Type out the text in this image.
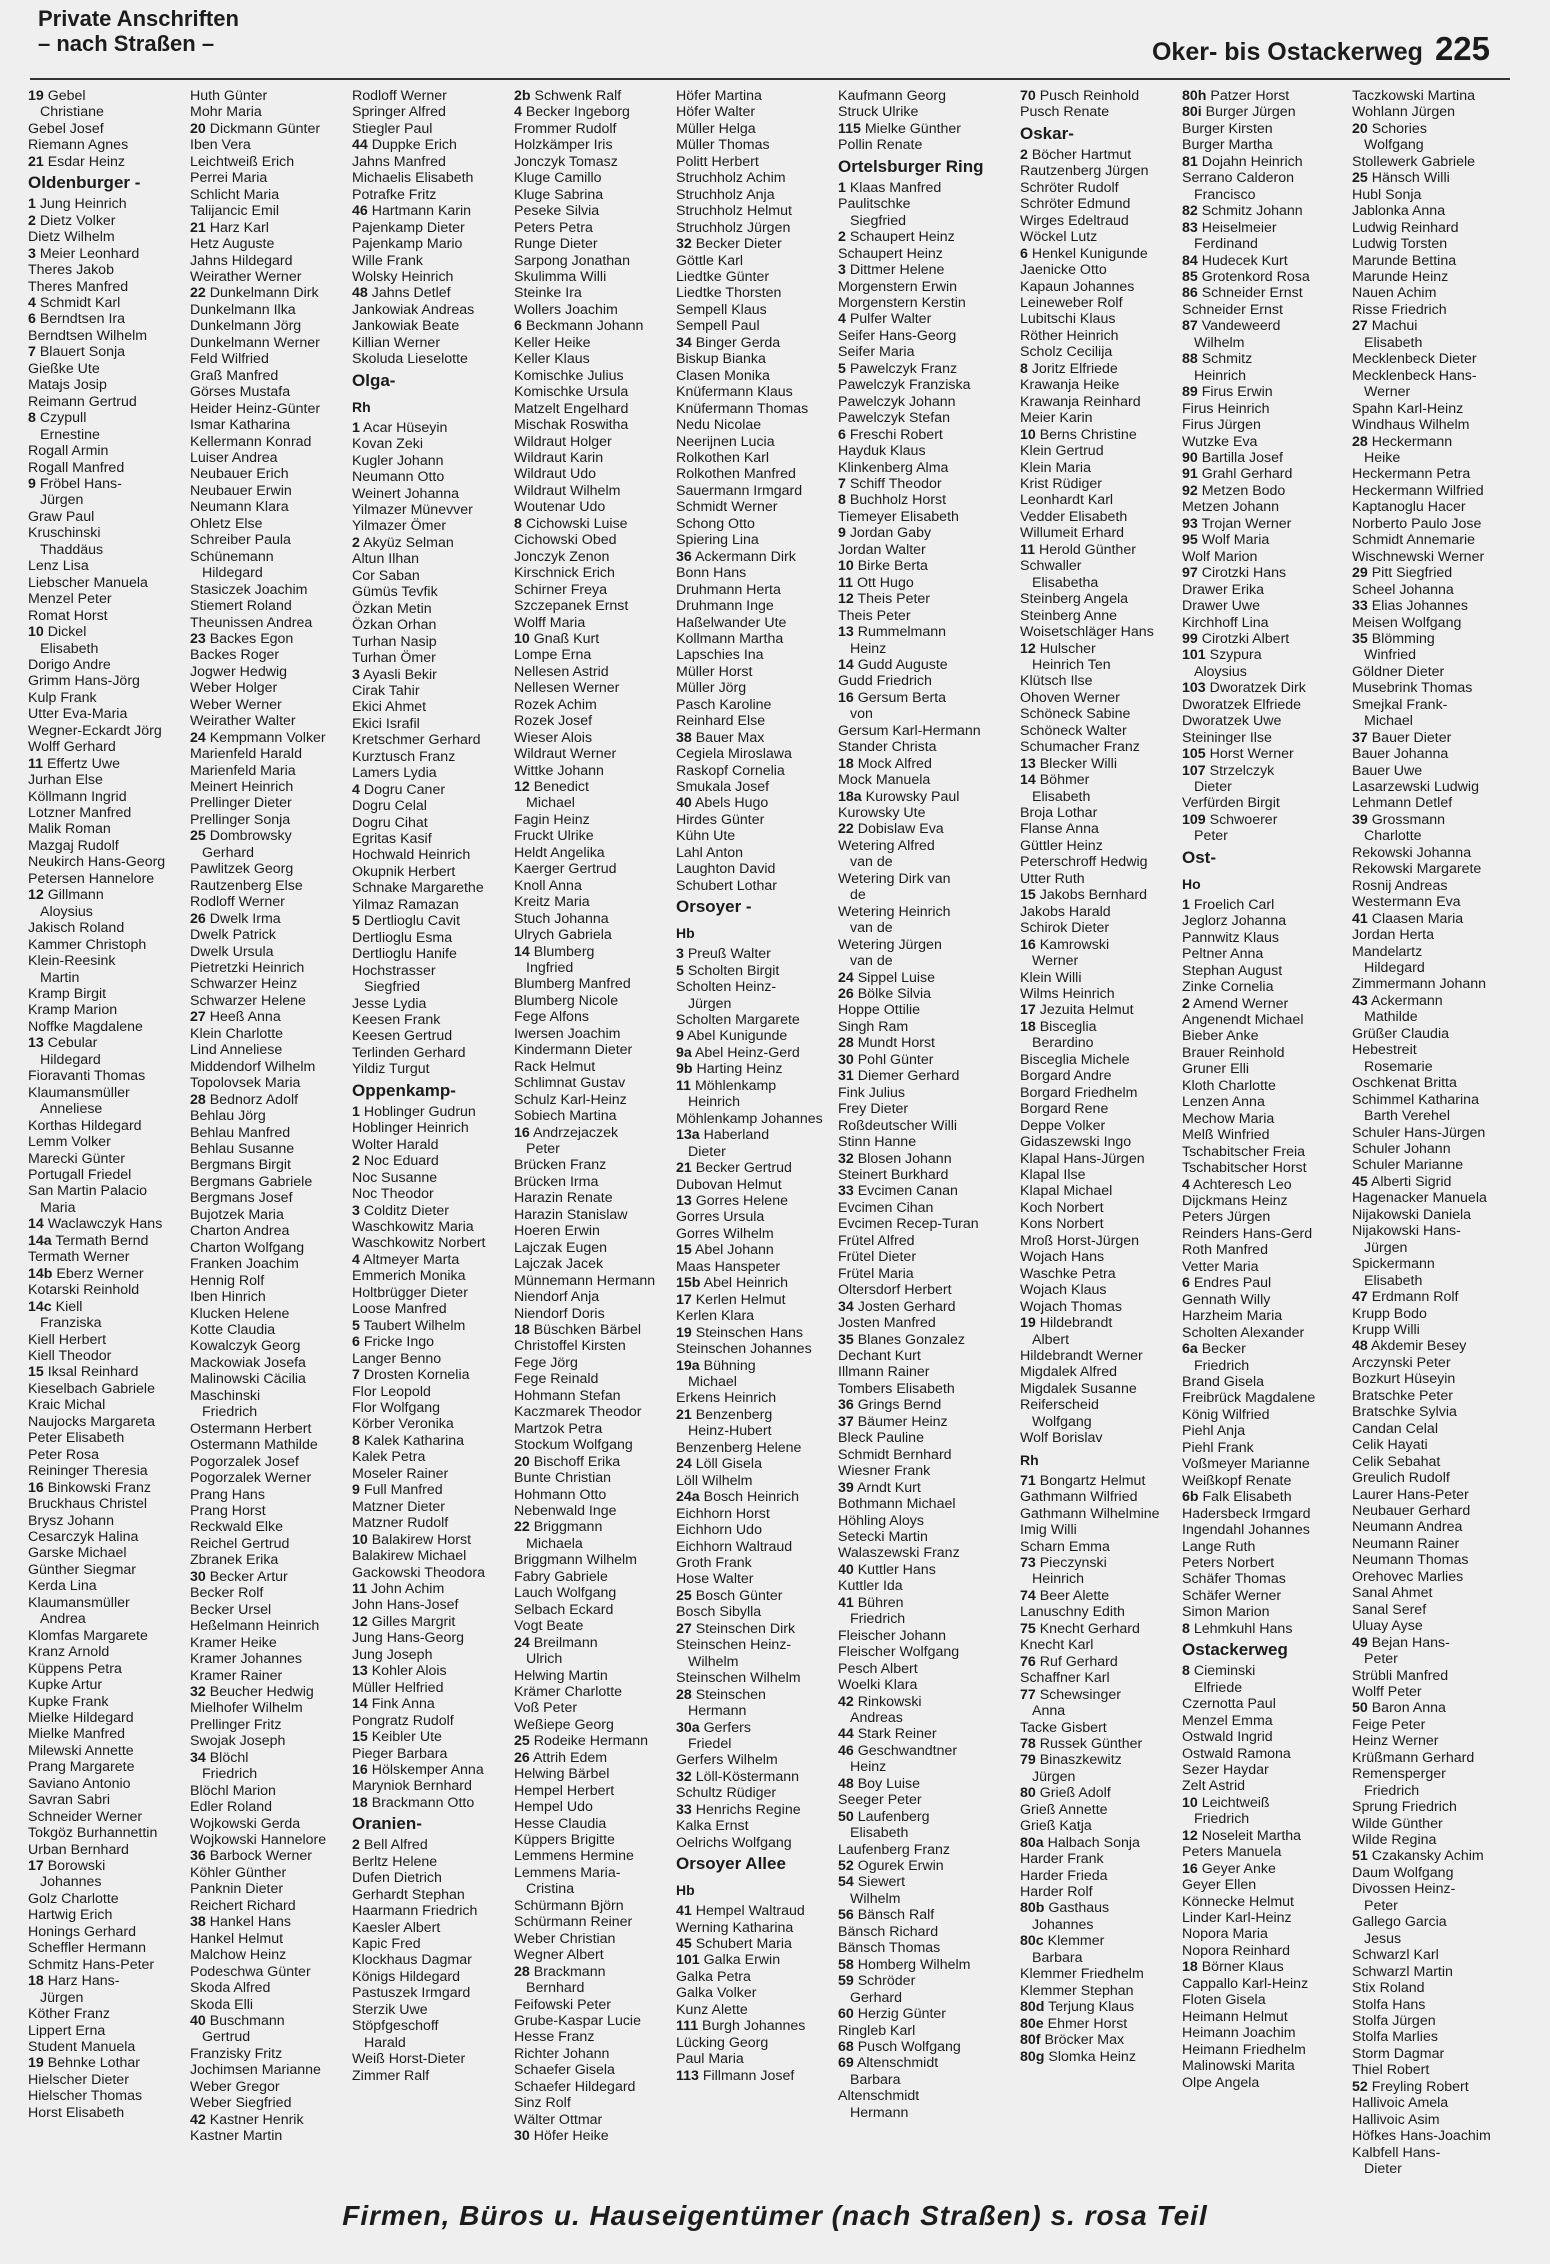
Private Anschriften
– nach Straßen –	Oker- bis Ostackerweg 225
19 Gebel
Christiane
Gebel Josef
Riemann Agnes
21 Esdar Heinz
Oldenburger -
1 Jung Heinrich
2 Dietz Volker
Dietz Wilhelm
3 Meier Leonhard
Theres Jakob
Theres Manfred
4 Schmidt Karl
6 Berndtsen Ira
Berndtsen Wilhelm
7 Blauert Sonja
Gießke Ute
Matajs Josip
Reimann Gertrud
8 Czypull
Ernestine
Rogall Armin
Rogall Manfred
9 Fröbel Hans-
Jürgen
Graw Paul
Kruschinski
Thaddäus
Lenz Lisa
Liebscher Manuela
Menzel Peter
Romat Horst
10 Dickel
Elisabeth
Dorigo Andre
Grimm Hans-Jörg
Kulp Frank
Utter Eva-Maria
Wegner-Eckardt Jörg
Wolff Gerhard
11 Effertz Uwe
Jurhan Else
Köllmann Ingrid
Lotzner Manfred
Malik Roman
Mazgaj Rudolf
Neukirch Hans-Georg
Petersen Hannelore
12 Gillmann
Aloysius
Jakisch Roland
Kammer Christoph
Klein-Reesink
Martin
Kramp Birgit
Kramp Marion
Noffke Magdalene
13 Cebular
Hildegard
Fioravanti Thomas
Klaumansmüller
Anneliese
Korthas Hildegard
Lemm Volker
Marecki Günter
Portugall Friedel
San Martin Palacio
Maria
14 Waclawczyk Hans
14a Termath Bernd
Termath Werner
14b Eberz Werner
Kotarski Reinhold
14c Kiell
Franziska
Kiell Herbert
Kiell Theodor
15 Iksal Reinhard
Kieselbach Gabriele
Kraic Michal
Naujocks Margareta
Peter Elisabeth
Peter Rosa
Reininger Theresia
16 Binkowski Franz
Bruckhaus Christel
Brysz Johann
Cesarczyk Halina
Garske Michael
Günther Siegmar
Kerda Lina
Klaumansmüller
Andrea
Klomfas Margarete
Kranz Arnold
Küppens Petra
Kupke Artur
Kupke Frank
Mielke Hildegard
Mielke Manfred
Milewski Annette
Prang Margarete
Saviano Antonio
Savran Sabri
Schneider Werner
Tokgöz Burhannettin
Urban Bernhard
17 Borowski
Johannes
Golz Charlotte
Hartwig Erich
Honings Gerhard
Scheffler Hermann
Schmitz Hans-Peter
18 Harz Hans-
Jürgen
Köther Franz
Lippert Erna
Student Manuela
19 Behnke Lothar
Hielscher Dieter
Hielscher Thomas
Horst Elisabeth
Huth Günter
Mohr Maria
20 Dickmann Günter
Iben Vera
Leichtweiß Erich
Perrei Maria
Schlicht Maria
Talijancic Emil
21 Harz Karl
Hetz Auguste
Jahns Hildegard
Weirather Werner
22 Dunkelmann Dirk
Dunkelmann Ilka
Dunkelmann Jörg
Dunkelmann Werner
Feld Wilfried
Graß Manfred
Görses Mustafa
Heider Heinz-Günter
Ismar Katharina
Kellermann Konrad
Luiser Andrea
Neubauer Erich
Neubauer Erwin
Neumann Klara
Ohletz Else
Schreiber Paula
Schünemann
Hildegard
Stasiczek Joachim
Stiemert Roland
Theunissen Andrea
23 Backes Egon
Backes Roger
Jogwer Hedwig
Weber Holger
Weber Werner
Weirather Walter
24 Kempmann Volker
Marienfeld Harald
Marienfeld Maria
Meinert Heinrich
Prellinger Dieter
Prellinger Sonja
25 Dombrowsky
Gerhard
Pawlitzek Georg
Rautzenberg Else
Rodloff Werner
26 Dwelk Irma
Dwelk Patrick
Dwelk Ursula
Pietretzki Heinrich
Schwarzer Heinz
Schwarzer Helene
27 Heeß Anna
Klein Charlotte
Lind Anneliese
Middendorf Wilhelm
Topolovsek Maria
28 Bednorz Adolf
Behlau Jörg
Behlau Manfred
Behlau Susanne
Bergmans Birgit
Bergmans Gabriele
Bergmans Josef
Bujotzek Maria
Charton Andrea
Charton Wolfgang
Franken Joachim
Hennig Rolf
Iben Hinrich
Klucken Helene
Kotte Claudia
Kowalczyk Georg
Mackowiak Josefa
Malinowski Cäcilia
Maschinski
Friedrich
Ostermann Herbert
Ostermann Mathilde
Pogorzalek Josef
Pogorzalek Werner
Prang Hans
Prang Horst
Reckwald Elke
Reichel Gertrud
Zbranek Erika
30 Becker Artur
Becker Rolf
Becker Ursel
Heßelmann Heinrich
Kramer Heike
Kramer Johannes
Kramer Rainer
32 Beucher Hedwig
Mielhofer Wilhelm
Prellinger Fritz
Swojak Joseph
34 Blöchl
Friedrich
Blöchl Marion
Edler Roland
Wojkowski Gerda
Wojkowski Hannelore
36 Barbock Werner
Köhler Günther
Panknin Dieter
Reichert Richard
38 Hankel Hans
Hankel Helmut
Malchow Heinz
Podeschwa Günter
Skoda Alfred
Skoda Elli
40 Buschmann
Gertrud
Franzisky Fritz
Jochimsen Marianne
Weber Gregor
Weber Siegfried
42 Kastner Henrik
Kastner Martin
Rodloff Werner
Springer Alfred
Stiegler Paul
44 Duppke Erich
Jahns Manfred
Michaelis Elisabeth
Potrafke Fritz
46 Hartmann Karin
Pajenkamp Dieter
Pajenkamp Mario
Wille Frank
Wolsky Heinrich
48 Jahns Detlef
Jankowiak Andreas
Jankowiak Beate
Killian Werner
Skoluda Lieselotte
Olga-
Rh
1 Acar Hüseyin
Kovan Zeki
Kugler Johann
Neumann Otto
Weinert Johanna
Yilmazer Münevver
Yilmazer Ömer
2 Akyüz Selman
Altun Ilhan
Cor Saban
Gümüs Tevfik
Özkan Metin
Özkan Orhan
Turhan Nasip
Turhan Ömer
3 Ayasli Bekir
Cirak Tahir
Ekici Ahmet
Ekici Israfil
Kretschmer Gerhard
Kurztusch Franz
Lamers Lydia
4 Dogru Caner
Dogru Celal
Dogru Cihat
Egritas Kasif
Hochwald Heinrich
Okupnik Herbert
Schnake Margarethe
Yilmaz Ramazan
5 Dertlioglu Cavit
Dertlioglu Esma
Dertlioglu Hanife
Hochstrasser
Siegfried
Jesse Lydia
Keesen Frank
Keesen Gertrud
Terlinden Gerhard
Yildiz Turgut
Oppenkamp-
1 Hoblinger Gudrun
Hoblinger Heinrich
Wolter Harald
2 Noc Eduard
Noc Susanne
Noc Theodor
3 Colditz Dieter
Waschkowitz Maria
Waschkowitz Norbert
4 Altmeyer Marta
Emmerich Monika
Holtbrügger Dieter
Loose Manfred
5 Taubert Wilhelm
6 Fricke Ingo
Langer Benno
7 Drosten Kornelia
Flor Leopold
Flor Wolfgang
Körber Veronika
8 Kalek Katharina
Kalek Petra
Moseler Rainer
9 Full Manfred
Matzner Dieter
Matzner Rudolf
10 Balakirew Horst
Balakirew Michael
Gackowski Theodora
11 John Achim
John Hans-Josef
12 Gilles Margrit
Jung Hans-Georg
Jung Joseph
13 Kohler Alois
Müller Helfried
14 Fink Anna
Pongratz Rudolf
15 Keibler Ute
Pieger Barbara
16 Hölskemper Anna
Maryniok Bernhard
18 Brackmann Otto
Oranien-
2 Bell Alfred
Berltz Helene
Dufen Dietrich
Gerhardt Stephan
Haarmann Friedrich
Kaesler Albert
Kapic Fred
Klockhaus Dagmar
Königs Hildegard
Pastuszek Irmgard
Sterzik Uwe
Stöpfgeschoff
Harald
Weiß Horst-Dieter
Zimmer Ralf
2b Schwenk Ralf
4 Becker Ingeborg
Frommer Rudolf
Holzkämper Iris
Jonczyk Tomasz
Kluge Camillo
Kluge Sabrina
Peseke Silvia
Peters Petra
Runge Dieter
Sarpong Jonathan
Skulimma Willi
Steinke Ira
Wollers Joachim
6 Beckmann Johann
Keller Heike
Keller Klaus
Komischke Julius
Komischke Ursula
Matzelt Engelhard
Mischak Roswitha
Wildraut Holger
Wildraut Karin
Wildraut Udo
Wildraut Wilhelm
Woutenar Udo
8 Cichowski Luise
Cichowski Obed
Jonczyk Zenon
Kirschnick Erich
Schirner Freya
Szczepanek Ernst
Wolff Maria
10 Gnaß Kurt
Lompe Erna
Nellesen Astrid
Nellesen Werner
Rozek Achim
Rozek Josef
Wieser Alois
Wildraut Werner
Wittke Johann
12 Benedict
Michael
Fagin Heinz
Fruckt Ulrike
Heldt Angelika
Kaerger Gertrud
Knoll Anna
Kreitz Maria
Stuch Johanna
Ulrych Gabriela
14 Blumberg
Ingfried
Blumberg Manfred
Blumberg Nicole
Fege Alfons
Iwersen Joachim
Kindermann Dieter
Rack Helmut
Schlimnat Gustav
Schulz Karl-Heinz
Sobiech Martina
16 Andrzejaczek
Peter
Brücken Franz
Brücken Irma
Harazin Renate
Harazin Stanislaw
Hoeren Erwin
Lajczak Eugen
Lajczak Jacek
Münnemann Hermann
Niendorf Anja
Niendorf Doris
18 Büschken Bärbel
Christoffel Kirsten
Fege Jörg
Fege Reinald
Hohmann Stefan
Kaczmarek Theodor
Martzok Petra
Stockum Wolfgang
20 Bischoff Erika
Bunte Christian
Hohmann Otto
Nebenwald Inge
22 Briggmann
Michaela
Briggmann Wilhelm
Fabry Gabriele
Lauch Wolfgang
Selbach Eckard
Vogt Beate
24 Breilmann
Ulrich
Helwing Martin
Krämer Charlotte
Voß Peter
Weßiepe Georg
25 Rodeike Hermann
26 Attrih Edem
Helwing Bärbel
Hempel Herbert
Hempel Udo
Hesse Claudia
Küppers Brigitte
Lemmens Hermine
Lemmens Maria-
Cristina
Schürmann Björn
Schürmann Reiner
Weber Christian
Wegner Albert
28 Brackmann
Bernhard
Feifowski Peter
Grube-Kaspar Lucie
Hesse Franz
Richter Johann
Schaefer Gisela
Schaefer Hildegard
Sinz Rolf
Wälter Ottmar
30 Höfer Heike
Höfer Martina
Höfer Walter
Müller Helga
Müller Thomas
Politt Herbert
Struchholz Achim
Struchholz Anja
Struchholz Helmut
Struchholz Jürgen
32 Becker Dieter
Göttle Karl
Liedtke Günter
Liedtke Thorsten
Sempell Klaus
Sempell Paul
34 Binger Gerda
Biskup Bianka
Clasen Monika
Knüfermann Klaus
Knüfermann Thomas
Nedu Nicolae
Neerijnen Lucia
Rolkothen Karl
Rolkothen Manfred
Sauermann Irmgard
Schmidt Werner
Schong Otto
Spiering Lina
36 Ackermann Dirk
Bonn Hans
Druhmann Herta
Druhmann Inge
Haßelwander Ute
Kollmann Martha
Lapschies Ina
Müller Horst
Müller Jörg
Pasch Karoline
Reinhard Else
38 Bauer Max
Cegiela Miroslawa
Raskopf Cornelia
Smukala Josef
40 Abels Hugo
Hirdes Günter
Kühn Ute
Lahl Anton
Laughton David
Schubert Lothar
Orsoyer -
Hb
3 Preuß Walter
5 Scholten Birgit
Scholten Heinz-
Jürgen
Scholten Margarete
9 Abel Kunigunde
9a Abel Heinz-Gerd
9b Harting Heinz
11 Möhlenkamp
Heinrich
Möhlenkamp Johannes
13a Haberland
Dieter
21 Becker Gertrud
Dubovan Helmut
13 Gorres Helene
Gorres Ursula
Gorres Wilhelm
15 Abel Johann
Maas Hanspeter
15b Abel Heinrich
17 Kerlen Helmut
Kerlen Klara
19 Steinschen Hans
Steinschen Johannes
19a Bühning
Michael
Erkens Heinrich
21 Benzenberg
Heinz-Hubert
Benzenberg Helene
24 Löll Gisela
Löll Wilhelm
24a Bosch Heinrich
Eichhorn Horst
Eichhorn Udo
Eichhorn Waltraud
Groth Frank
Hose Walter
25 Bosch Günter
Bosch Sibylla
27 Steinschen Dirk
Steinschen Heinz-
Wilhelm
Steinschen Wilhelm
28 Steinschen
Hermann
30a Gerfers
Friedel
Gerfers Wilhelm
32 Löll-Köstermann
Schultz Rüdiger
33 Henrichs Regine
Kalka Ernst
Oelrichs Wolfgang
Orsoyer Allee
Hb
41 Hempel Waltraud
Werning Katharina
45 Schubert Maria
101 Galka Erwin
Galka Petra
Galka Volker
Kunz Alette
111 Burgh Johannes
Lücking Georg
Paul Maria
113 Fillmann Josef
Kaufmann Georg
Struck Ulrike
115 Mielke Günther
Pollin Renate
Ortelsburger Ring
1 Klaas Manfred
Paulitschke
Siegfried
2 Schaupert Heinz
Schaupert Heinz
3 Dittmer Helene
Morgenstern Erwin
Morgenstern Kerstin
4 Pulfer Walter
Seifer Hans-Georg
Seifer Maria
5 Pawelczyk Franz
Pawelczyk Franziska
Pawelczyk Johann
Pawelczyk Stefan
6 Freschi Robert
Hayduk Klaus
Klinkenberg Alma
7 Schiff Theodor
8 Buchholz Horst
Tiemeyer Elisabeth
9 Jordan Gaby
Jordan Walter
10 Birke Berta
11 Ott Hugo
12 Theis Peter
Theis Peter
13 Rummelmann
Heinz
14 Gudd Auguste
Gudd Friedrich
16 Gersum Berta
von
Gersum Karl-Hermann
Stander Christa
18 Mock Alfred
Mock Manuela
18a Kurowsky Paul
Kurowsky Ute
22 Dobislaw Eva
Wetering Alfred
van de
Wetering Dirk van
de
Wetering Heinrich
van de
Wetering Jürgen
van de
24 Sippel Luise
26 Bölke Silvia
Hoppe Ottilie
Singh Ram
28 Mundt Horst
30 Pohl Günter
31 Diemer Gerhard
Fink Julius
Frey Dieter
Roßdeutscher Willi
Stinn Hanne
32 Blosen Johann
Steinert Burkhard
33 Evcimen Canan
Evcimen Cihan
Evcimen Recep-Turan
Frütel Alfred
Frütel Dieter
Frütel Maria
Oltersdorf Herbert
34 Josten Gerhard
Josten Manfred
35 Blanes Gonzalez
Dechant Kurt
Illmann Rainer
Tombers Elisabeth
36 Grings Bernd
37 Bäumer Heinz
Bleck Pauline
Schmidt Bernhard
Wiesner Frank
39 Arndt Kurt
Bothmann Michael
Höhling Aloys
Setecki Martin
Walaszewski Franz
40 Kuttler Hans
Kuttler Ida
41 Bühren
Friedrich
Fleischer Johann
Fleischer Wolfgang
Pesch Albert
Woelki Klara
42 Rinkowski
Andreas
44 Stark Reiner
46 Geschwandtner
Heinz
48 Boy Luise
Seeger Peter
50 Laufenberg
Elisabeth
Laufenberg Franz
52 Ogurek Erwin
54 Siewert
Wilhelm
56 Bänsch Ralf
Bänsch Richard
Bänsch Thomas
58 Homberg Wilhelm
59 Schröder
Gerhard
60 Herzig Günter
Ringleb Karl
68 Pusch Wolfgang
69 Altenschmidt
Barbara
Altenschmidt
Hermann
70 Pusch Reinhold
Pusch Renate
Oskar-
2 Böcher Hartmut
Rautzenberg Jürgen
Schröter Rudolf
Schröter Edmund
Wirges Edeltraud
Wöckel Lutz
6 Henkel Kunigunde
Jaenicke Otto
Kapaun Johannes
Leineweber Rolf
Lubitschi Klaus
Röther Heinrich
Scholz Cecilija
8 Joritz Elfriede
Krawanja Heike
Krawanja Reinhard
Meier Karin
10 Berns Christine
Klein Gertrud
Klein Maria
Krist Rüdiger
Leonhardt Karl
Vedder Elisabeth
Willumeit Erhard
11 Herold Günther
Schwaller
Elisabetha
Steinberg Angela
Steinberg Anne
Woisetschläger Hans
12 Hulscher
Heinrich Ten
Klütsch Ilse
Ohoven Werner
Schöneck Sabine
Schöneck Walter
Schumacher Franz
13 Blecker Willi
14 Böhmer
Elisabeth
Broja Lothar
Flanse Anna
Güttler Heinz
Peterschroff Hedwig
Utter Ruth
15 Jakobs Bernhard
Jakobs Harald
Schirok Dieter
16 Kamrowski
Werner
Klein Willi
Wilms Heinrich
17 Jezuita Helmut
18 Bisceglia
Berardino
Bisceglia Michele
Borgard Andre
Borgard Friedhelm
Borgard Rene
Deppe Volker
Gidaszewski Ingo
Klapal Hans-Jürgen
Klapal Ilse
Klapal Michael
Koch Norbert
Kons Norbert
Mroß Horst-Jürgen
Wojach Hans
Waschke Petra
Wojach Klaus
Wojach Thomas
19 Hildebrandt
Albert
Hildebrandt Werner
Migdalek Alfred
Migdalek Susanne
Reiferscheid
Wolfgang
Wolf Borislav
Rh
71 Bongartz Helmut
Gathmann Wilfried
Gathmann Wilhelmine
Imig Willi
Scharn Emma
73 Pieczynski
Heinrich
74 Beer Alette
Lanuschny Edith
75 Knecht Gerhard
Knecht Karl
76 Ruf Gerhard
Schaffner Karl
77 Schewsinger
Anna
Tacke Gisbert
78 Russek Günther
79 Binaszkewitz
Jürgen
80 Grieß Adolf
Grieß Annette
Grieß Katja
80a Halbach Sonja
Harder Frank
Harder Frieda
Harder Rolf
80b Gasthaus
Johannes
80c Klemmer
Barbara
Klemmer Friedhelm
Klemmer Stephan
80d Terjung Klaus
80e Ehmer Horst
80f Bröcker Max
80g Slomka Heinz
80h Patzer Horst
80i Burger Jürgen
Burger Kirsten
Burger Martha
81 Dojahn Heinrich
Serrano Calderon
Francisco
82 Schmitz Johann
83 Heiselmeier
Ferdinand
84 Hudecek Kurt
85 Grotenkord Rosa
86 Schneider Ernst
Schneider Ernst
87 Vandeweerd
Wilhelm
88 Schmitz
Heinrich
89 Firus Erwin
Firus Heinrich
Firus Jürgen
Wutzke Eva
90 Bartilla Josef
91 Grahl Gerhard
92 Metzen Bodo
Metzen Johann
93 Trojan Werner
95 Wolf Maria
Wolf Marion
97 Cirotzki Hans
Drawer Erika
Drawer Uwe
Kirchhoff Lina
99 Cirotzki Albert
101 Szypura
Aloysius
103 Dworatzek Dirk
Dworatzek Elfriede
Dworatzek Uwe
Steininger Ilse
105 Horst Werner
107 Strzelczyk
Dieter
Verfürden Birgit
109 Schwoerer
Peter
Ost-
Ho
1 Froelich Carl
Jeglorz Johanna
Pannwitz Klaus
Peltner Anna
Stephan August
Zinke Cornelia
2 Amend Werner
Angenendt Michael
Bieber Anke
Brauer Reinhold
Gruner Elli
Kloth Charlotte
Lenzen Anna
Mechow Maria
Melß Winfried
Tschabitscher Freia
Tschabitscher Horst
4 Achteresch Leo
Dijckmans Heinz
Peters Jürgen
Reinders Hans-Gerd
Roth Manfred
Vetter Maria
6 Endres Paul
Gennath Willy
Harzheim Maria
Scholten Alexander
6a Becker
Friedrich
Brand Gisela
Freibrück Magdalene
König Wilfried
Piehl Anja
Piehl Frank
Voßmeyer Marianne
Weißkopf Renate
6b Falk Elisabeth
Hadersbeck Irmgard
Ingendahl Johannes
Lange Ruth
Peters Norbert
Schäfer Thomas
Schäfer Werner
Simon Marion
8 Lehmkuhl Hans
Ostackerweg
8 Cieminski
Elfriede
Czernotta Paul
Menzel Emma
Ostwald Ingrid
Ostwald Ramona
Sezer Haydar
Zelt Astrid
10 Leichtweiß
Friedrich
12 Noseleit Martha
Peters Manuela
16 Geyer Anke
Geyer Ellen
Könnecke Helmut
Linder Karl-Heinz
Nopora Maria
Nopora Reinhard
18 Börner Klaus
Cappallo Karl-Heinz
Floten Gisela
Heimann Helmut
Heimann Joachim
Heimann Friedhelm
Malinowski Marita
Olpe Angela
Taczkowski Martina
Wohlann Jürgen
20 Schories
Wolfgang
Stollewerk Gabriele
25 Hänsch Willi
Hubl Sonja
Jablonka Anna
Ludwig Reinhard
Ludwig Torsten
Marunde Bettina
Marunde Heinz
Nauen Achim
Risse Friedrich
27 Machui
Elisabeth
Mecklenbeck Dieter
Mecklenbeck Hans-
Werner
Spahn Karl-Heinz
Windhaus Wilhelm
28 Heckermann
Heike
Heckermann Petra
Heckermann Wilfried
Kaptanoglu Hacer
Norberto Paulo Jose
Schmidt Annemarie
Wischnewski Werner
29 Pitt Siegfried
Scheel Johanna
33 Elias Johannes
Meisen Wolfgang
35 Blömming
Winfried
Göldner Dieter
Musebrink Thomas
Smejkal Frank-
Michael
37 Bauer Dieter
Bauer Johanna
Bauer Uwe
Lasarzewski Ludwig
Lehmann Detlef
39 Grossmann
Charlotte
Rekowski Johanna
Rekowski Margarete
Rosnij Andreas
Westermann Eva
41 Claasen Maria
Jordan Herta
Mandelartz
Hildegard
Zimmermann Johann
43 Ackermann
Mathilde
Grüßer Claudia
Hebestreit
Rosemarie
Oschkenat Britta
Schimmel Katharina
Barth Verehel
Schuler Hans-Jürgen
Schuler Johann
Schuler Marianne
45 Alberti Sigrid
Hagenacker Manuela
Nijakowski Daniela
Nijakowski Hans-
Jürgen
Spickermann
Elisabeth
47 Erdmann Rolf
Krupp Bodo
Krupp Willi
48 Akdemir Besey
Arczynski Peter
Bozkurt Hüseyin
Bratschke Peter
Bratschke Sylvia
Candan Celal
Celik Hayati
Celik Sebahat
Greulich Rudolf
Laurer Hans-Peter
Neubauer Gerhard
Neumann Andrea
Neumann Rainer
Neumann Thomas
Orehovec Marlies
Sanal Ahmet
Sanal Seref
Uluay Ayse
49 Bejan Hans-
Peter
Strübli Manfred
Wolff Peter
50 Baron Anna
Feige Peter
Heinz Werner
Krüßmann Gerhard
Remensperger
Friedrich
Sprung Friedrich
Wilde Günther
Wilde Regina
51 Czakansky Achim
Daum Wolfgang
Divossen Heinz-
Peter
Gallego Garcia
Jesus
Schwarzl Karl
Schwarzl Martin
Stix Roland
Stolfa Hans
Stolfa Jürgen
Stolfa Marlies
Storm Dagmar
Thiel Robert
52 Freyling Robert
Hallivoic Amela
Hallivoic Asim
Höfkes Hans-Joachim
Kalbfell Hans-
Dieter
Firmen, Büros u. Hauseigentümer (nach Straßen) s. rosa Teil
